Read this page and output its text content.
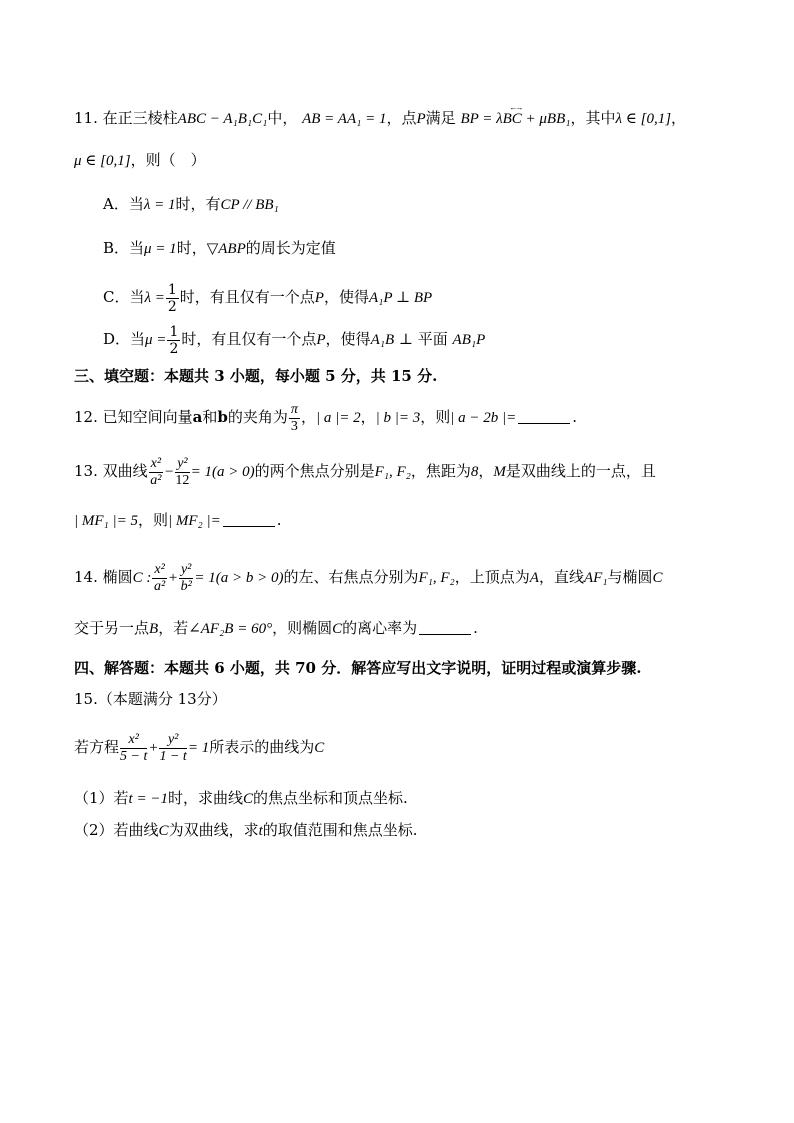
11. 在正三棱柱ABC − A₁B₁C₁中， AB = AA₁ = 1，点P满足 ←→ BP = λBC + μBB₁，其中λ ∈ [0,1]，
μ ∈ [0,1]，则（　）
A．当λ = 1时，有CP // BB₁
B．当μ = 1时，▽ABP的周长为定值
C．当$\lambda = \frac{1}{2}$ 时，有且仅有一个点P，使得A₁P ⊥ BP
D．当$\mu = \frac{1}{2}$ 时，有且仅有一个点P，使得A₁B ⊥ 平面 AB₁P
三、填空题：本题共 3 小题，每小题 5 分，共 15 分.
12. 已知空间向量a和b的夹角为 $\frac{\pi}{3}$ ，| a |= 2，| b |= 3，则| a − 2b |=	.
13. 双曲线 $\frac{\text{x²}}{\text{a²}} - \frac{\text{y²}}{12} = 1(a > 0)$的两个焦点分别是F₁, F₂，焦距为8，M是双曲线上的一点，且
| MF₁ |= 5，则| MF₂ |=	.
14. 椭圆C : $\frac{\text{x²}}{\text{a²}} + \frac{\text{y²}}{\text{b²}} = 1(a > b > 0)$的左、右焦点分别为F₁, F₂，上顶点为A，直线AF₁与椭圆C
交于另一点B，若∠AF₂B = 60°，则椭圆C的离心率为	.
四、解答题：本题共 6 小题，共 70 分．解答应写出文字说明，证明过程或演算步骤.
15.（本题满分 13分）
若方程 $\frac{\text{x²}}{5 - t} + \frac{\text{y²}}{1 - t} = 1$所表示的曲线为C
（1）若t = −1时，求曲线C的焦点坐标和顶点坐标.
（2）若曲线C为双曲线，求t的取值范围和焦点坐标.
